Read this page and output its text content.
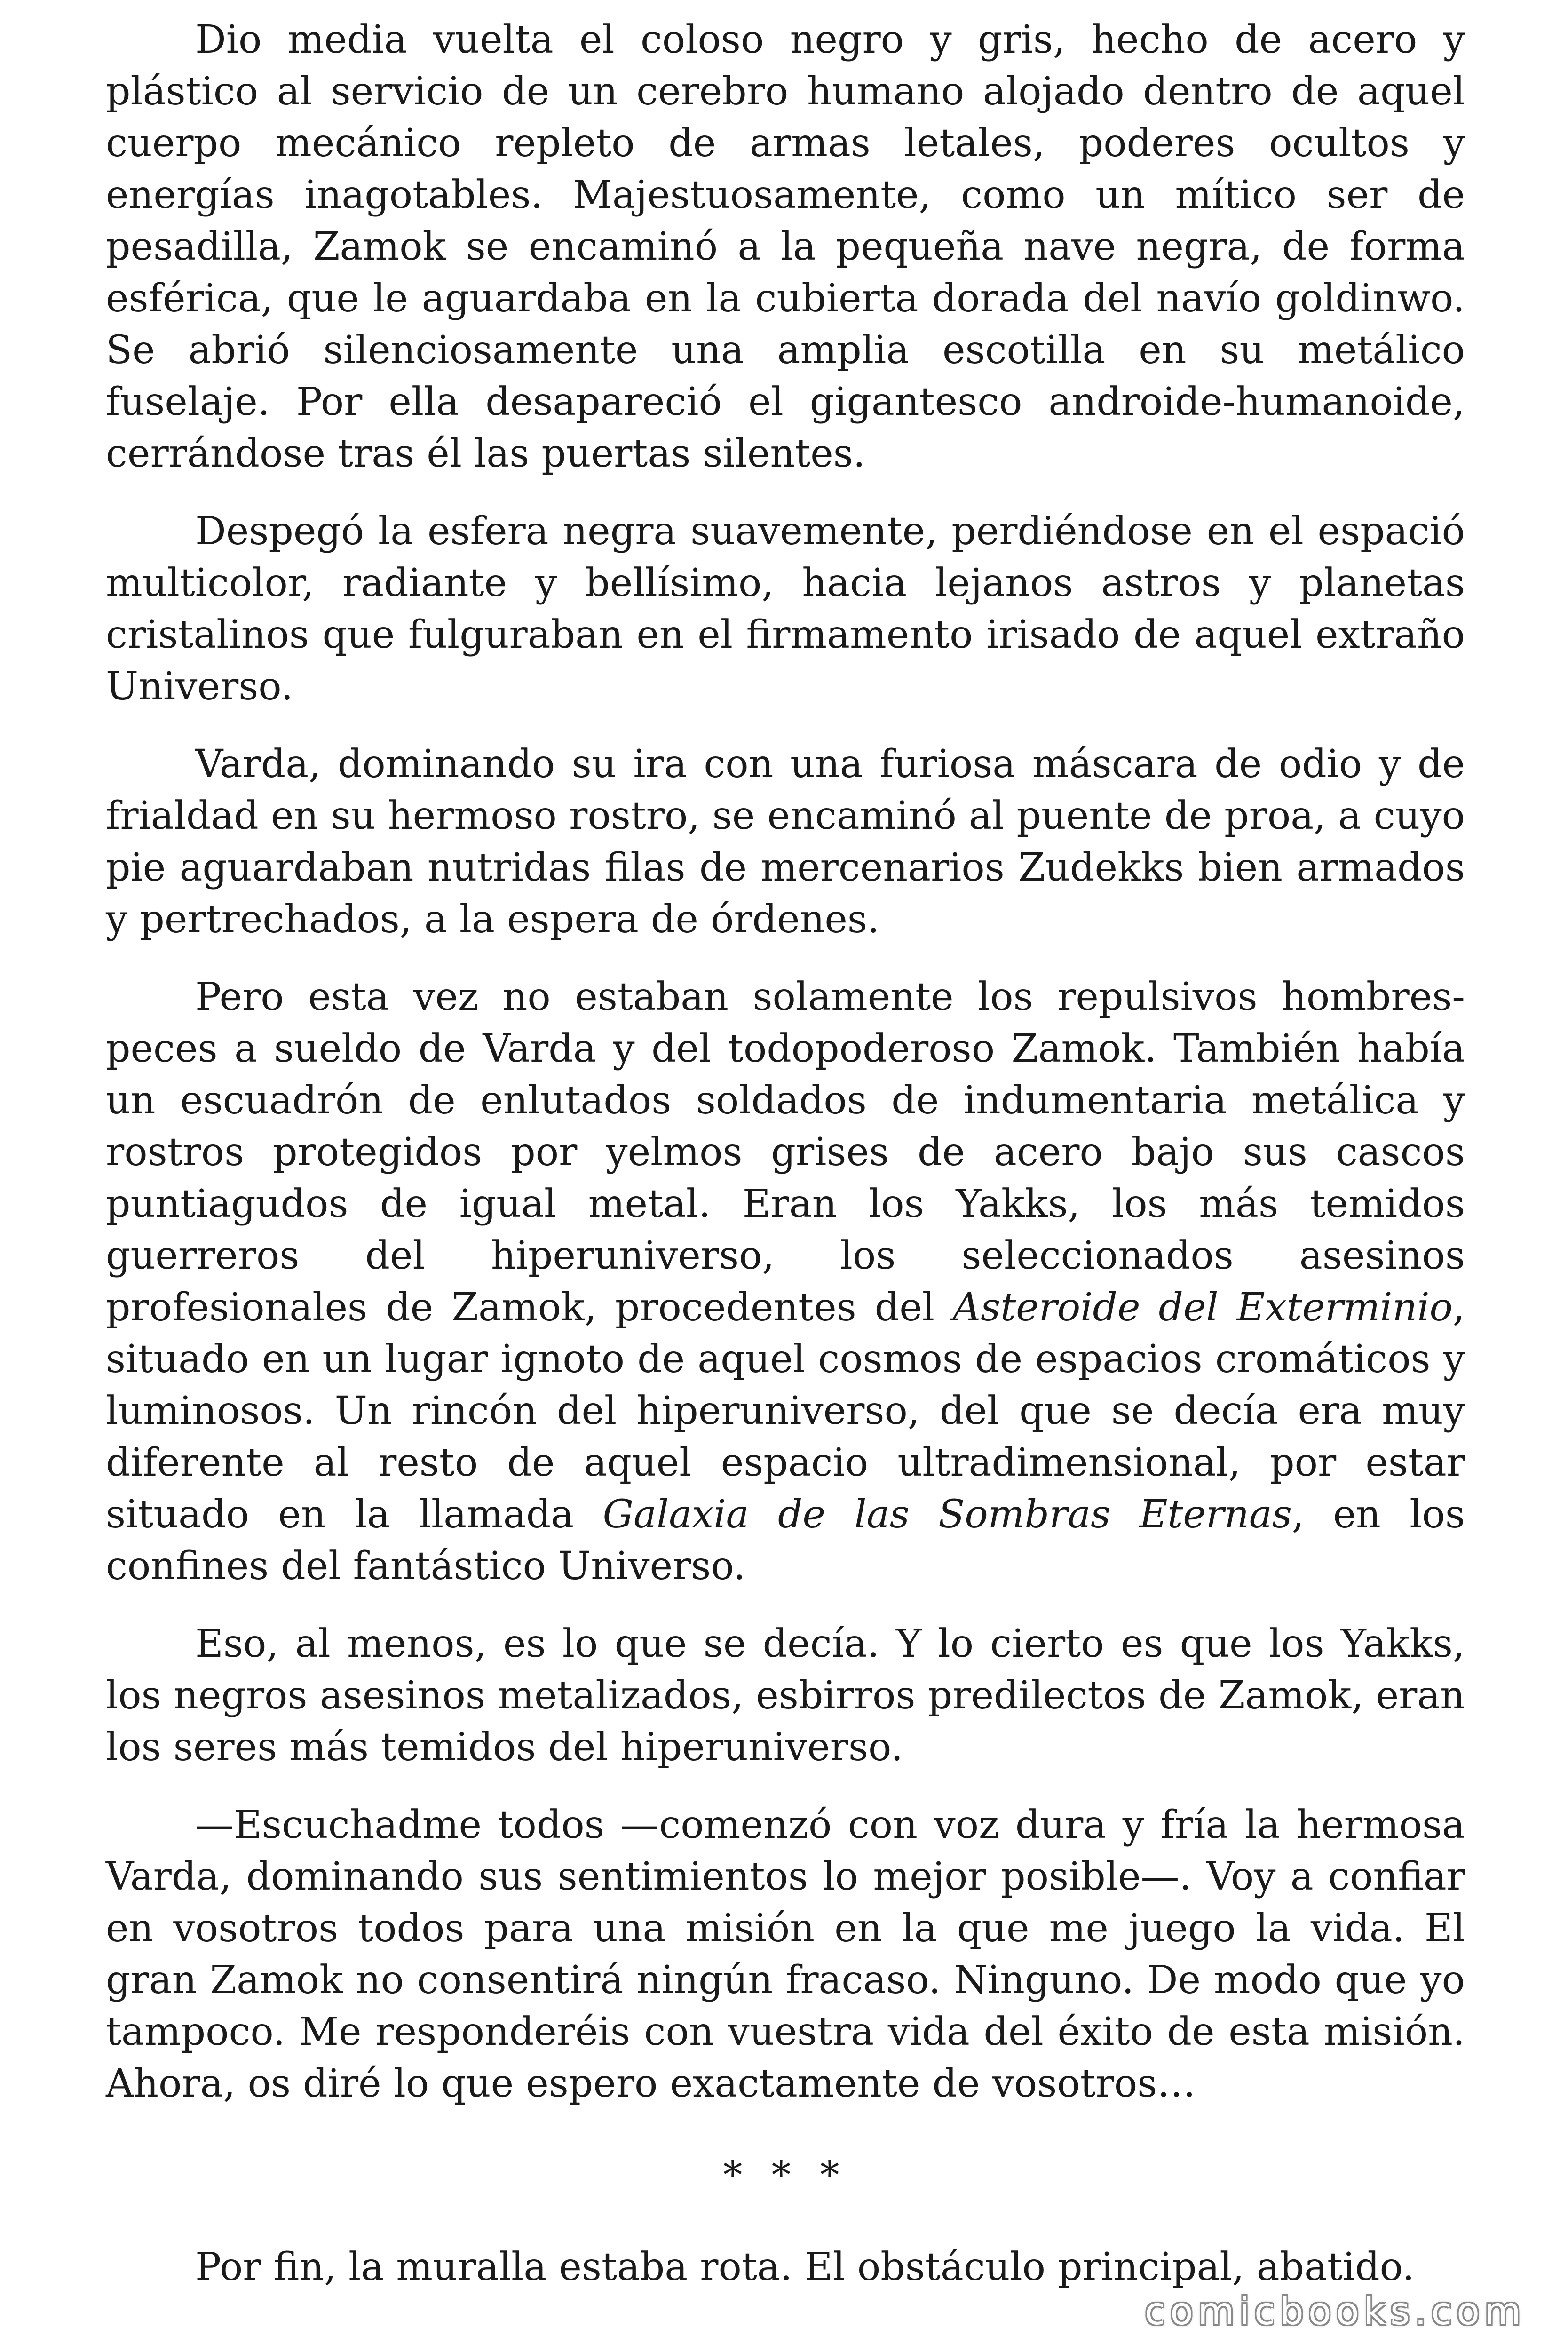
Dio media vuelta el coloso negro y gris, hecho de acero y plástico al servicio de un cerebro humano alojado dentro de aquel cuerpo mecánico repleto de armas letales, poderes ocultos y energías inagotables. Majestuosamente, como un mítico ser de pesadilla, Zamok se encaminó a la pequeña nave negra, de forma esférica, que le aguardaba en la cubierta dorada del navío goldinwo. Se abrió silenciosamente una amplia escotilla en su metálico fuselaje. Por ella desapareció el gigantesco androide-humanoide, cerrándose tras él las puertas silentes.

Despegó la esfera negra suavemente, perdiéndose en el espació multicolor, radiante y bellísimo, hacia lejanos astros y planetas cristalinos que fulguraban en el firmamento irisado de aquel extraño Universo.

Varda, dominando su ira con una furiosa máscara de odio y de frialdad en su hermoso rostro, se encaminó al puente de proa, a cuyo pie aguardaban nutridas filas de mercenarios Zudekks bien armados y pertrechados, a la espera de órdenes.

Pero esta vez no estaban solamente los repulsivos hombres-peces a sueldo de Varda y del todopoderoso Zamok. También había un escuadrón de enlutados soldados de indumentaria metálica y rostros protegidos por yelmos grises de acero bajo sus cascos puntiagudos de igual metal. Eran los Yakks, los más temidos guerreros del hiperuniverso, los seleccionados asesinos profesionales de Zamok, procedentes del Asteroide del Exterminio, situado en un lugar ignoto de aquel cosmos de espacios cromáticos y luminosos. Un rincón del hiperuniverso, del que se decía era muy diferente al resto de aquel espacio ultradimensional, por estar situado en la llamada Galaxia de las Sombras Eternas, en los confines del fantástico Universo.

Eso, al menos, es lo que se decía. Y lo cierto es que los Yakks, los negros asesinos metalizados, esbirros predilectos de Zamok, eran los seres más temidos del hiperuniverso.

—Escuchadme todos —comenzó con voz dura y fría la hermosa Varda, dominando sus sentimientos lo mejor posible—. Voy a confiar en vosotros todos para una misión en la que me juego la vida. El gran Zamok no consentirá ningún fracaso. Ninguno. De modo que yo tampoco. Me responderéis con vuestra vida del éxito de esta misión. Ahora, os diré lo que espero exactamente de vosotros…

* * *

Por fin, la muralla estaba rota. El obstáculo principal, abatido.

comicbooks.com
